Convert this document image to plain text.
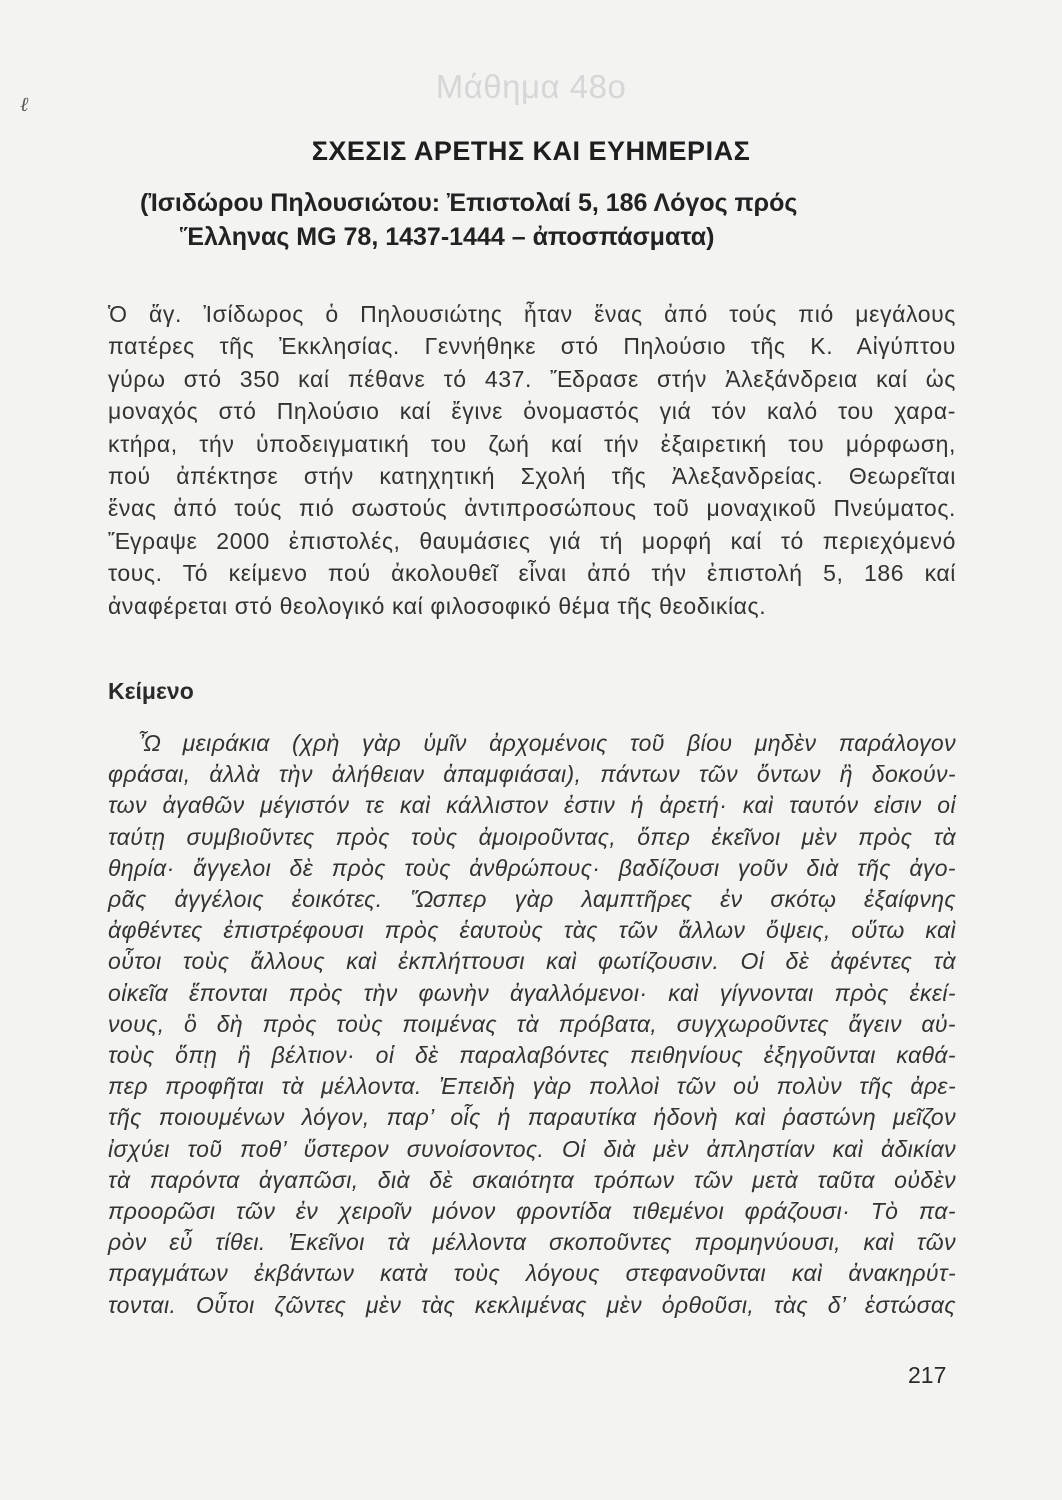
ℓ	Μάθημα 48ο
ΣΧΕΣΙΣ ΑΡΕΤΗΣ ΚΑΙ ΕΥΗΜΕΡΙΑΣ
(Ἰσιδώρου Πηλουσιώτου: Ἐπιστολαί 5, 186 Λόγος πρός
Ἕλληνας MG 78, 1437-1444 – ἀποσπάσματα)
Ὁ ἅγ. Ἰσίδωρος ὁ Πηλουσιώτης ἦταν ἕνας ἀπό τούς πιό μεγάλους
πατέρες τῆς Ἐκκλησίας. Γεννήθηκε στό Πηλούσιο τῆς Κ. Αἰγύπτου
γύρω στό 350 καί πέθανε τό 437. Ἔδρασε στήν Ἀλεξάνδρεια καί ὡς
μοναχός στό Πηλούσιο καί ἔγινε ὀνομαστός γιά τόν καλό του χαρα-
κτήρα, τήν ὑποδειγματική του ζωή καί τήν ἐξαιρετική του μόρφωση,
πού ἀπέκτησε στήν κατηχητική Σχολή τῆς Ἀλεξανδρείας. Θεωρεῖται
ἕνας ἀπό τούς πιό σωστούς ἀντιπροσώπους τοῦ μοναχικοῦ Πνεύματος.
Ἔγραψε 2000 ἐπιστολές, θαυμάσιες γιά τή μορφή καί τό περιεχόμενό
τους. Τό κείμενο πού ἀκολουθεῖ εἶναι ἀπό τήν ἐπιστολή 5, 186 καί
ἀναφέρεται στό θεολογικό καί φιλοσοφικό θέμα τῆς θεοδικίας.
Κείμενο
Ὦ μειράκια (χρὴ γὰρ ὑμῖν ἀρχομένοις τοῦ βίου μηδὲν παράλογον
φράσαι, ἀλλὰ τὴν ἀλήθειαν ἀπαμφιάσαι), πάντων τῶν ὄντων ἢ δοκούν-
των ἀγαθῶν μέγιστόν τε καὶ κάλλιστον ἐστιν ἡ ἀρετή· καὶ ταυτόν εἰσιν οἱ
ταύτῃ συμβιοῦντες πρὸς τοὺς ἀμοιροῦντας, ὅπερ ἐκεῖνοι μὲν πρὸς τὰ
θηρία· ἄγγελοι δὲ πρὸς τοὺς ἀνθρώπους· βαδίζουσι γοῦν διὰ τῆς ἀγο-
ρᾶς ἀγγέλοις ἐοικότες. Ὥσπερ γὰρ λαμπτῆρες ἐν σκότῳ ἐξαίφνης
ἀφθέντες ἐπιστρέφουσι πρὸς ἑαυτοὺς τὰς τῶν ἄλλων ὄψεις, οὕτω καὶ
οὗτοι τοὺς ἄλλους καὶ ἐκπλήττουσι καὶ φωτίζουσιν. Οἱ δὲ ἀφέντες τὰ
οἰκεῖα ἕπονται πρὸς τὴν φωνὴν ἀγαλλόμενοι· καὶ γίγνονται πρὸς ἐκεί-
νους, ὃ δὴ πρὸς τοὺς ποιμένας τὰ πρόβατα, συγχωροῦντες ἄγειν αὐ-
τοὺς ὅπῃ ἢ βέλτιον· οἱ δὲ παραλαβόντες πειθηνίους ἐξηγοῦνται καθά-
περ προφῆται τὰ μέλλοντα. Ἐπειδὴ γὰρ πολλοὶ τῶν οὐ πολὺν τῆς ἀρε-
τῆς ποιουμένων λόγον, παρ’ οἷς ἡ παραυτίκα ἡδονὴ καὶ ῥαστώνη μεῖζον
ἰσχύει τοῦ ποθ’ ὕστερον συνοίσοντος. Οἱ διὰ μὲν ἀπληστίαν καὶ ἀδικίαν
τὰ παρόντα ἀγαπῶσι, διὰ δὲ σκαιότητα τρόπων τῶν μετὰ ταῦτα οὐδὲν
προορῶσι τῶν ἐν χειροῖν μόνον φροντίδα τιθεμένοι φράζουσι· Τὸ πα-
ρὸν εὖ τίθει. Ἐκεῖνοι τὰ μέλλοντα σκοποῦντες προμηνύουσι, καὶ τῶν
πραγμάτων ἐκβάντων κατὰ τοὺς λόγους στεφανοῦνται καὶ ἀνακηρύτ-
τονται. Οὗτοι ζῶντες μὲν τὰς κεκλιμένας μὲν ὀρθοῦσι, τὰς δ’ ἑστώσας
217
